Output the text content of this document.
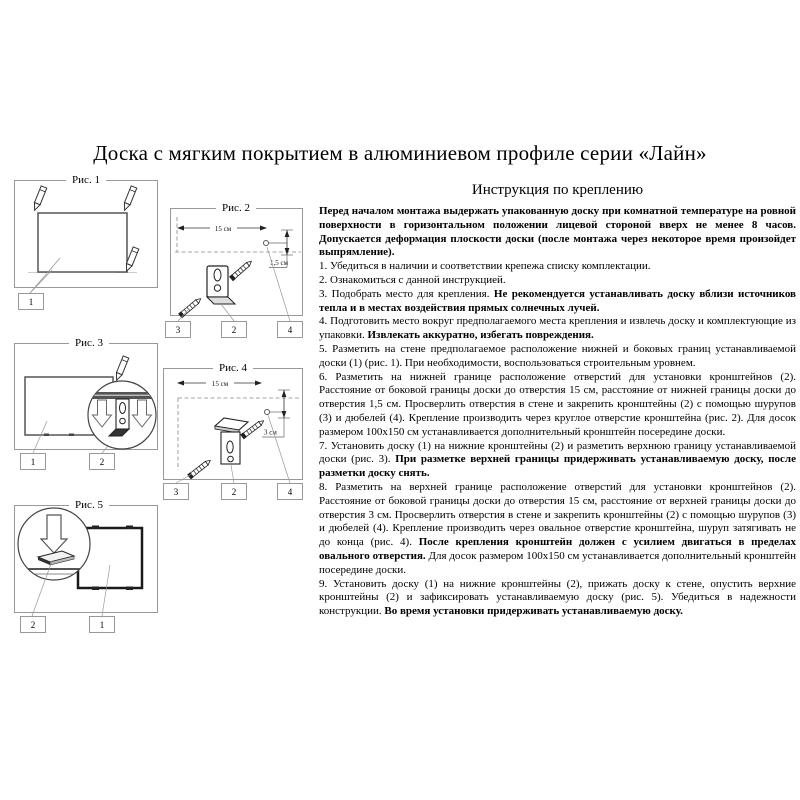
Доска с мягким покрытием в алюминиевом профиле серии «Лайн»
Рис. 1
1
15 см
1,5 см
Рис. 2
3	2	4
Рис. 3
1	2
15 см
3 см
Рис. 4
3	2	4
Рис. 5
2	1
Инструкция по креплению

Перед началом монтажа выдержать упакованную доску при комнатной температуре на ровной поверхности в горизонтальном положении лицевой стороной вверх не менее 8 часов. Допускается деформация плоскости доски (после монтажа через некоторое время произойдет выпрямление).

1. Убедиться в наличии и соответствии крепежа списку комплектации.

2. Ознакомиться с данной инструкцией.

3. Подобрать место для крепления. Не рекомендуется устанавливать доску вблизи источников тепла и в местах воздействия прямых солнечных лучей.

4. Подготовить место вокруг предполагаемого места крепления и извлечь доску и комплектующие из упаковки. Извлекать аккуратно, избегать повреждения.

5. Разметить на стене предполагаемое расположение нижней и боковых границ устанавливаемой доски (1) (рис. 1). При необходимости, воспользоваться строительным уровнем.

6. Разметить на нижней границе расположение отверстий для установки кронштейнов (2). Расстояние от боковой границы доски до отверстия 15 см, расстояние от нижней границы доски до отверстия 1,5 см. Просверлить отверстия в стене и закрепить кронштейны (2) с помощью шурупов (3) и дюбелей (4). Крепление производить через круглое отверстие кронштейна (рис. 2). Для досок размером 100х150 см устанавливается дополнительный кронштейн посередине доски.

7. Установить доску (1) на нижние кронштейны (2) и разметить верхнюю границу устанавливаемой доски (рис. 3). При разметке верхней границы придерживать устанавливаемую доску, после разметки доску снять.

8. Разметить на верхней границе расположение отверстий для установки кронштейнов (2). Расстояние от боковой границы доски до отверстия 15 см, расстояние от верхней границы доски до отверстия 3 см. Просверлить отверстия в стене и закрепить кронштейны (2) с помощью шурупов (3) и дюбелей (4). Крепление производить через овальное отверстие кронштейна, шуруп затягивать не до конца (рис. 4). После крепления кронштейн должен с усилием двигаться в пределах овального отверстия. Для досок размером 100х150 см устанавливается дополнительный кронштейн посередине доски.

9. Установить доску (1) на нижние кронштейны (2), прижать доску к стене, опустить верхние кронштейны (2) и зафиксировать устанавливаемую доску (рис. 5). Убедиться в надежности конструкции. Во время установки придерживать устанавливаемую доску.
